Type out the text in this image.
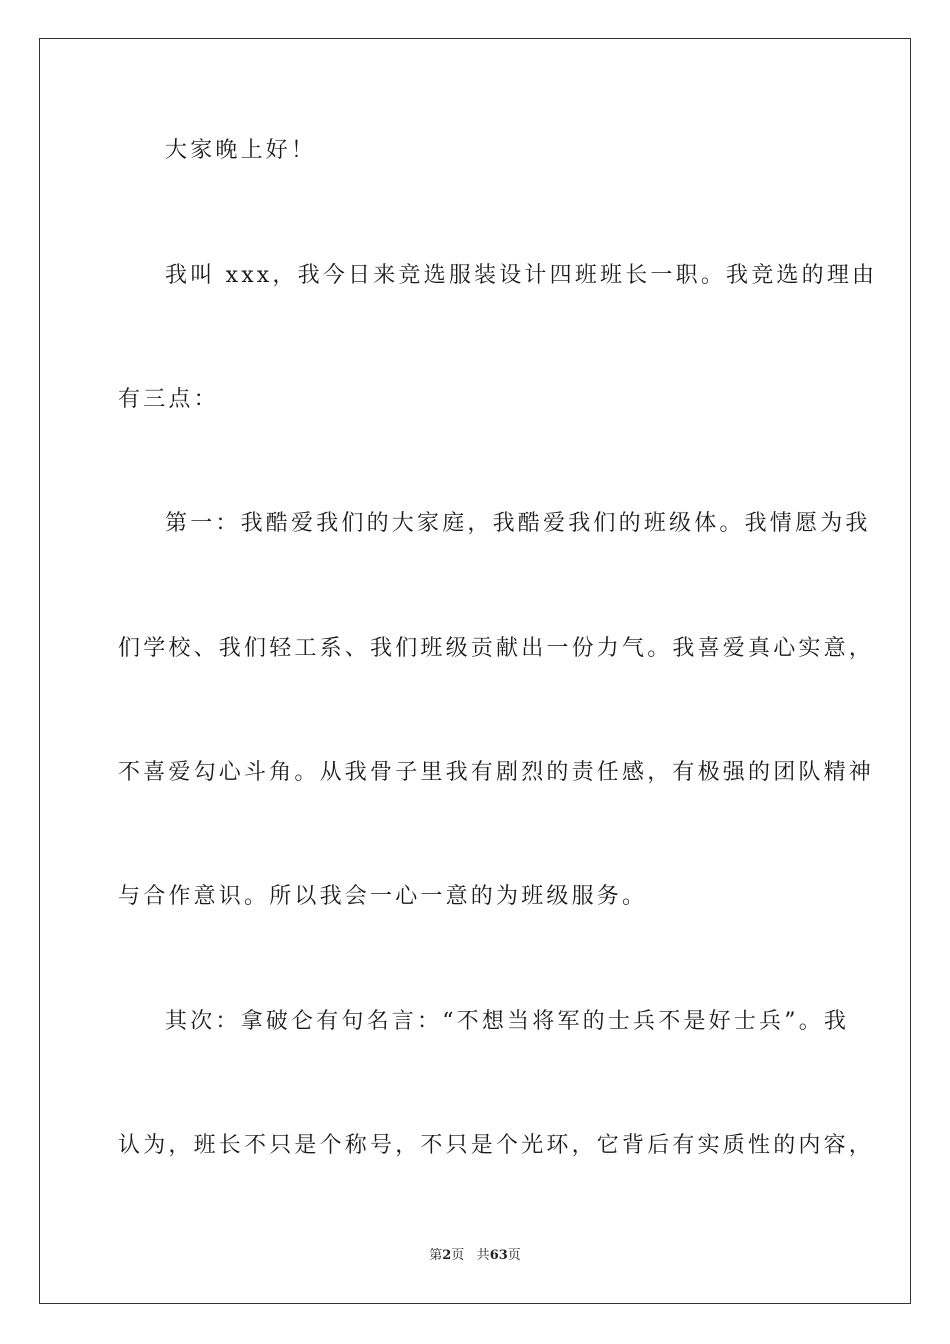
大家晚上好！
我叫 xxx，我今日来竞选服装设计四班班长一职。我竞选的理由
有三点：
第一：我酷爱我们的大家庭，我酷爱我们的班级体。我情愿为我
们学校、我们轻工系、我们班级贡献出一份力气。我喜爱真心实意，
不喜爱勾心斗角。从我骨子里我有剧烈的责任感，有极强的团队精神
与合作意识。所以我会一心一意的为班级服务。
其次：拿破仑有句名言：“不想当将军的士兵不是好士兵”。我
认为，班长不只是个称号，不只是个光环，它背后有实质性的内容，
第2页 共63页
